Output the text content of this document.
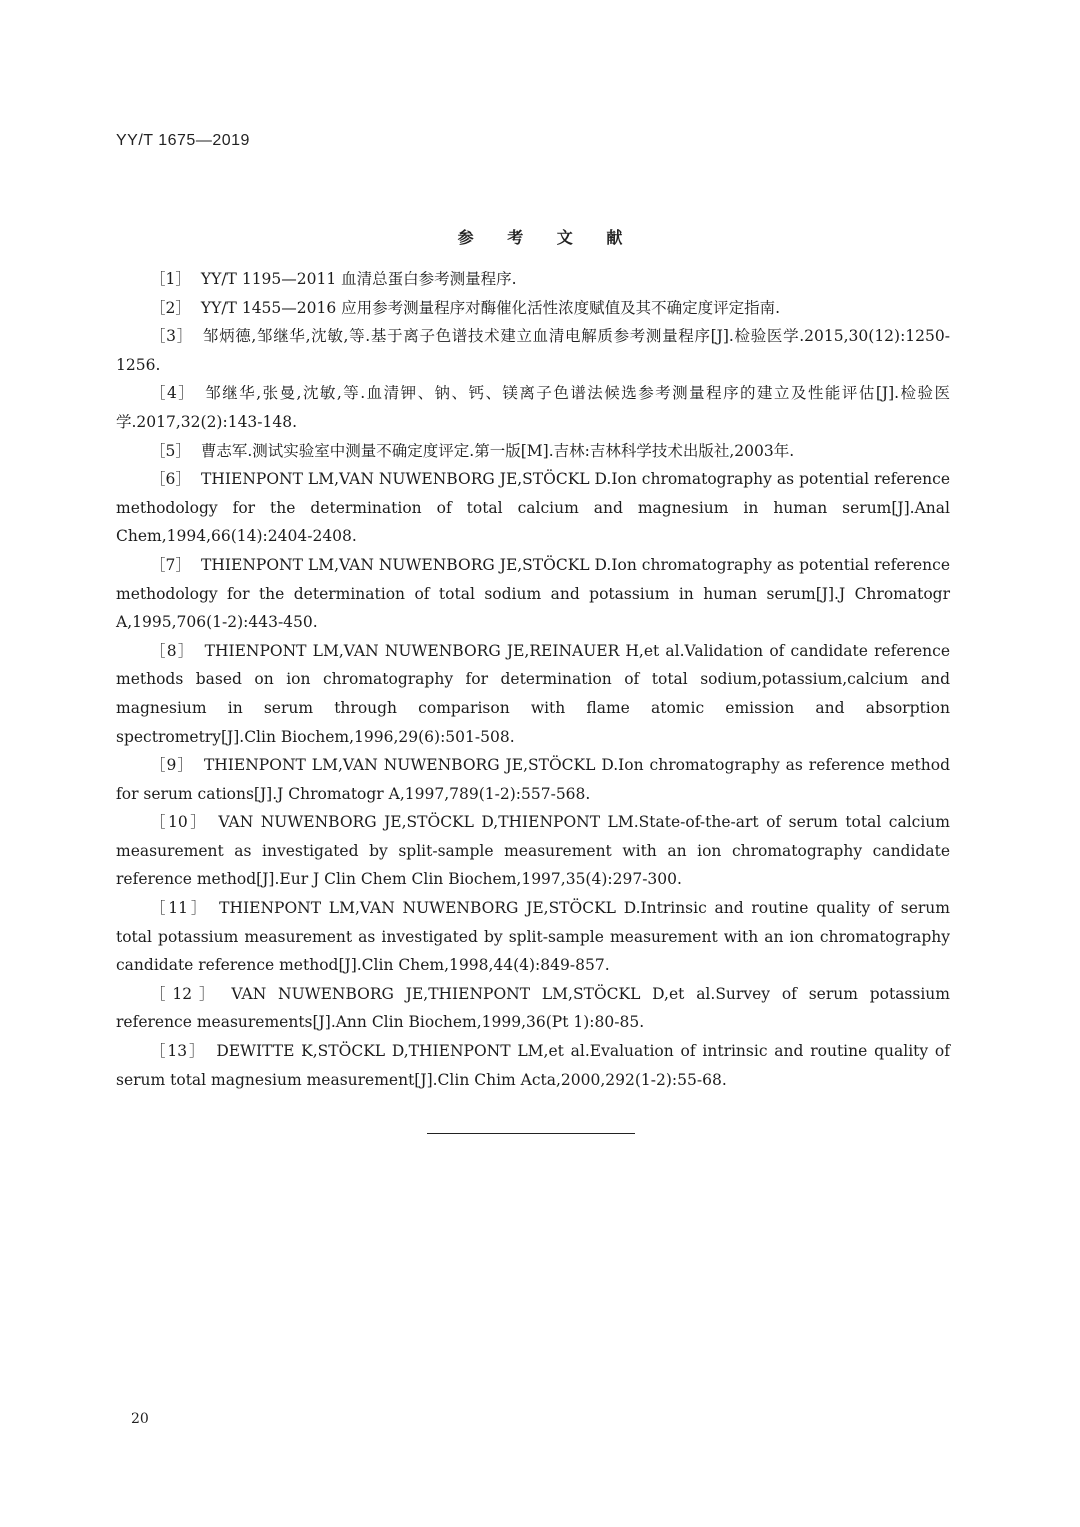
YY/T 1675—2019
参 考 文 献

［1］ YY/T 1195—2011 血清总蛋白参考测量程序.

［2］ YY/T 1455—2016 应用参考测量程序对酶催化活性浓度赋值及其不确定度评定指南.

［3］ 邹炳德,邹继华,沈敏,等.基于离子色谱技术建立血清电解质参考测量程序[J].检验医学.2015,30(12):1250-1256.

［4］ 邹继华,张曼,沈敏,等.血清钾、钠、钙、镁离子色谱法候选参考测量程序的建立及性能评估[J].检验医学.2017,32(2):143-148.

［5］ 曹志军.测试实验室中测量不确定度评定.第一版[M].吉林:吉林科学技术出版社,2003年.

［6］ THIENPONT LM,VAN NUWENBORG JE,STÖCKL D.Ion chromatography as potential reference methodology for the determination of total calcium and magnesium in human serum[J].Anal Chem,1994,66(14):2404-2408.

［7］ THIENPONT LM,VAN NUWENBORG JE,STÖCKL D.Ion chromatography as potential reference methodology for the determination of total sodium and potassium in human serum[J].J Chromatogr A,1995,706(1-2):443-450.

［8］ THIENPONT LM,VAN NUWENBORG JE,REINAUER H,et al.Validation of candidate reference methods based on ion chromatography for determination of total sodium,potassium,calcium and magnesium in serum through comparison with flame atomic emission and absorption spectrometry[J].Clin Biochem,1996,29(6):501-508.

［9］ THIENPONT LM,VAN NUWENBORG JE,STÖCKL D.Ion chromatography as reference method for serum cations[J].J Chromatogr A,1997,789(1-2):557-568.

［10］ VAN NUWENBORG JE,STÖCKL D,THIENPONT LM.State-of-the-art of serum total calcium measurement as investigated by split-sample measurement with an ion chromatography candidate reference method[J].Eur J Clin Chem Clin Biochem,1997,35(4):297-300.

［11］ THIENPONT LM,VAN NUWENBORG JE,STÖCKL D.Intrinsic and routine quality of serum total potassium measurement as investigated by split-sample measurement with an ion chromatography candidate reference method[J].Clin Chem,1998,44(4):849-857.

［12］ VAN NUWENBORG JE,THIENPONT LM,STÖCKL D,et al.Survey of serum potassium reference measurements[J].Ann Clin Biochem,1999,36(Pt 1):80-85.

［13］ DEWITTE K,STÖCKL D,THIENPONT LM,et al.Evaluation of intrinsic and routine quality of serum total magnesium measurement[J].Clin Chim Acta,2000,292(1-2):55-68.

20
